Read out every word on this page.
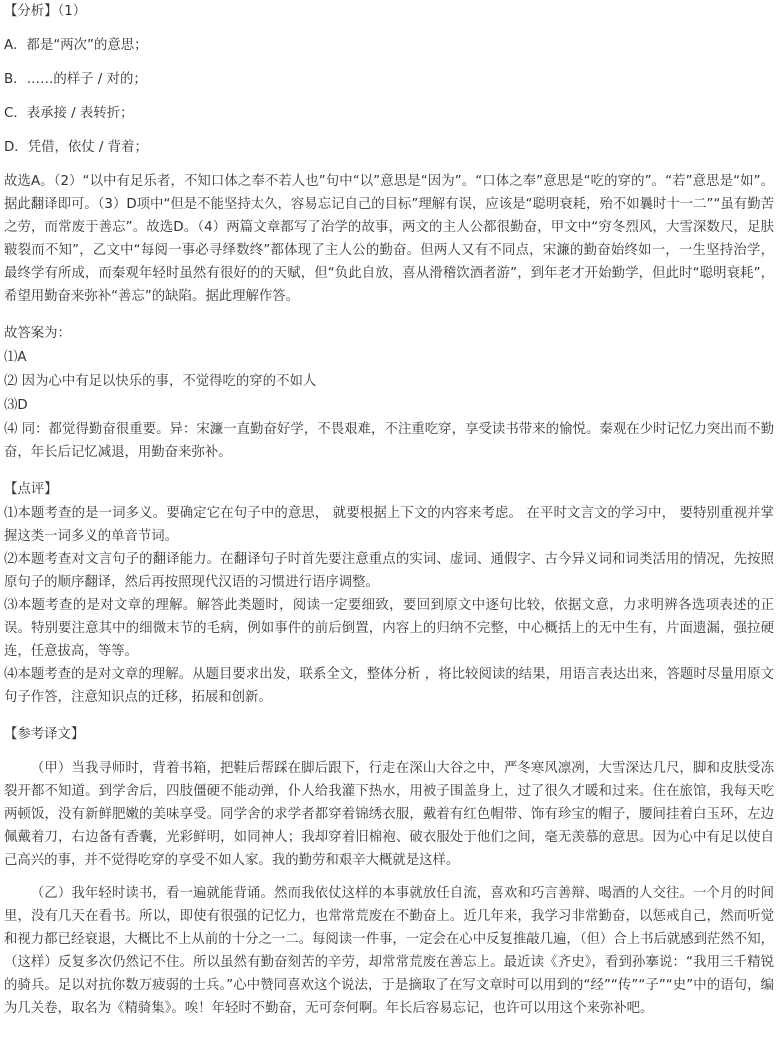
【分析】（1）

A．都是“两次”的意思；

B．……的样子 / 对的；

C．表承接 / 表转折；

D．凭借，依仗 / 背着；

故选A。（2）“以中有足乐者，不知口体之奉不若人也”句中“以”意思是“因为”。“口体之奉”意思是“吃的穿的”。“若”意思是“如”。据此翻译即可。（3）D项中“但是不能坚持太久，容易忘记自己的目标”理解有误，应该是“聪明衰耗，殆不如曩时十一二”“虽有勤苦之劳，而常废于善忘”。故选D。（4）两篇文章都写了治学的故事，两文的主人公都很勤奋，甲文中“穷冬烈风，大雪深数尺，足肤皲裂而不知”，乙文中“每阅一事必寻绎数终”都体现了主人公的勤奋。但两人又有不同点，宋濂的勤奋始终如一，一生坚持治学，最终学有所成，而秦观年轻时虽然有很好的的天赋，但“负此自放，喜从滑稽饮酒者游”，到年老才开始勤学，但此时“聪明衰耗”，希望用勤奋来弥补“善忘”的缺陷。据此理解作答。

故答案为：

⑴A

⑵ 因为心中有足以快乐的事，不觉得吃的穿的不如人

⑶D

⑷ 同：都觉得勤奋很重要。异：宋濂一直勤奋好学，不畏艰难，不注重吃穿，享受读书带来的愉悦。秦观在少时记忆力突出而不勤奋，年长后记忆减退，用勤奋来弥补。

【点评】

⑴本题考查的是一词多义。要确定它在句子中的意思， 就要根据上下文的内容来考虑。 在平时文言文的学习中， 要特别重视并掌握这类一词多义的单音节词。

⑵本题考查对文言句子的翻译能力。在翻译句子时首先要注意重点的实词、虚词、通假字、古今异义词和词类活用的情况，先按照原句子的顺序翻译，然后再按照现代汉语的习惯进行语序调整。

⑶本题考查的是对文章的理解。解答此类题时，阅读一定要细致，要回到原文中逐句比较，依据文意，力求明辨各选项表述的正误。特别要注意其中的细微末节的毛病，例如事件的前后倒置，内容上的归纳不完整，中心概括上的无中生有，片面遗漏，强拉硬连，任意拔高，等等。

⑷本题考查的是对文章的理解。从题目要求出发，联系全文，整体分析 ，将比较阅读的结果，用语言表达出来，答题时尽量用原文句子作答，注意知识点的迁移，拓展和创新。

【参考译文】

（甲）当我寻师时，背着书箱，把鞋后帮踩在脚后跟下，行走在深山大谷之中，严冬寒风凛冽，大雪深达几尺，脚和皮肤受冻裂开都不知道。到学舍后，四肢僵硬不能动弹，仆人给我灌下热水，用被子围盖身上，过了很久才暖和过来。住在旅馆，我每天吃两顿饭，没有新鲜肥嫩的美味享受。同学舍的求学者都穿着锦绣衣服，戴着有红色帽带、饰有珍宝的帽子，腰间挂着白玉环，左边佩戴着刀，右边备有香囊，光彩鲜明，如同神人；我却穿着旧棉袍、破衣服处于他们之间，毫无羡慕的意思。因为心中有足以使自己高兴的事，并不觉得吃穿的享受不如人家。我的勤劳和艰辛大概就是这样。

（乙）我年轻时读书，看一遍就能背诵。然而我依仗这样的本事就放任自流，喜欢和巧言善辩、喝酒的人交往。一个月的时间里，没有几天在看书。所以，即使有很强的记忆力，也常常荒废在不勤奋上。近几年来，我学习非常勤奋，以惩戒自己，然而听觉和视力都已经衰退，大概比不上从前的十分之一二。每阅读一件事，一定会在心中反复推敲几遍，（但）合上书后就感到茫然不知，（这样）反复多次仍然记不住。所以虽然有勤奋刻苦的辛劳，却常常荒废在善忘上。最近读《齐史》，看到孙搴说：“我用三千精锐的骑兵。足以对抗你数万疲弱的士兵。”心中赞同喜欢这个说法，于是摘取了在写文章时可以用到的“经”“传”“子”“史”中的语句，编为几关卷，取名为《精骑集》。唉！年轻时不勤奋，无可奈何啊。年长后容易忘记，也许可以用这个来弥补吧。
